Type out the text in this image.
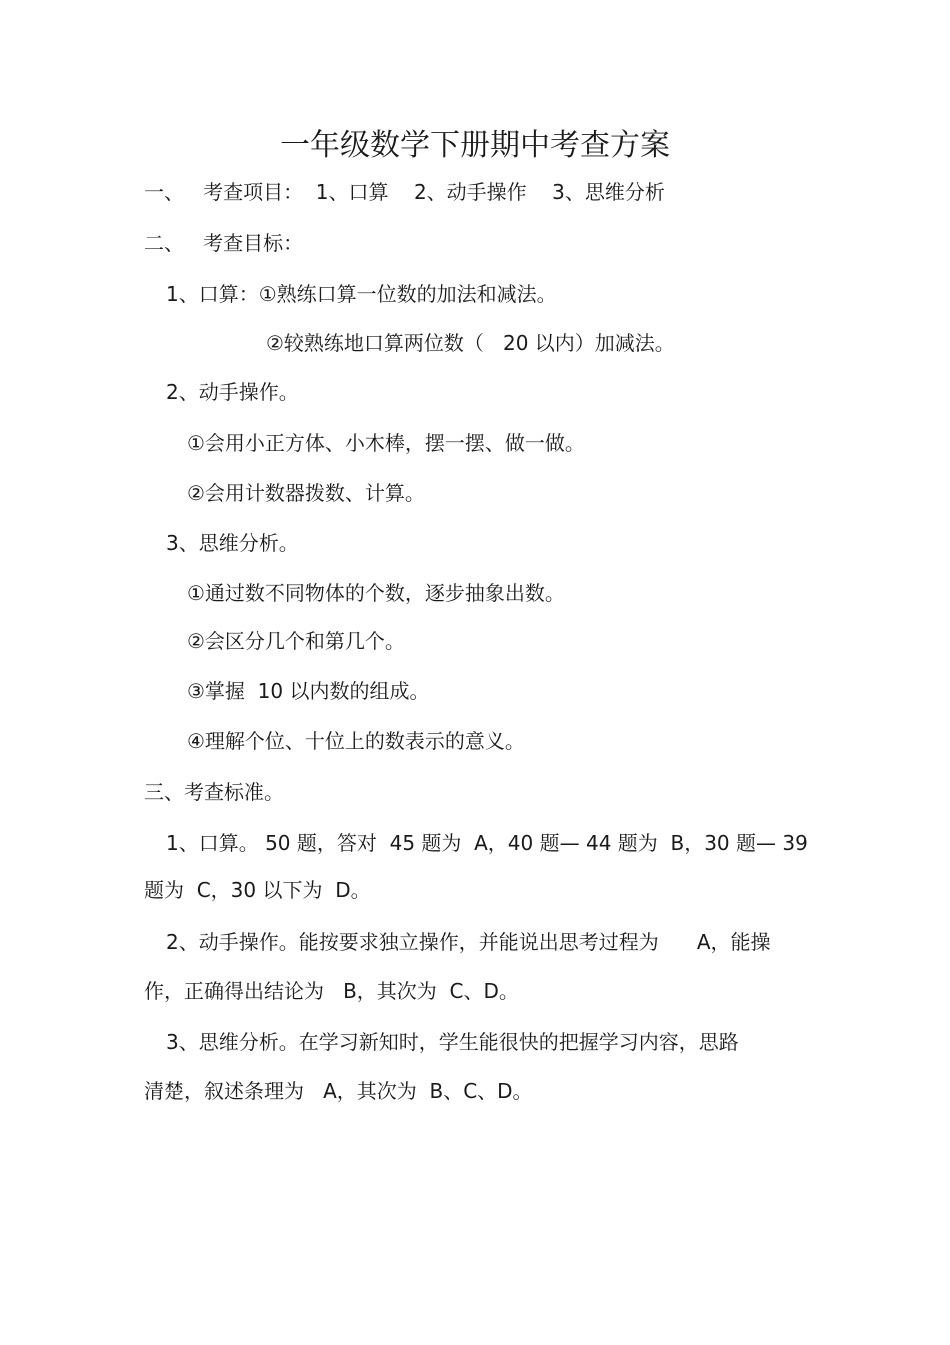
一年级数学下册期中考查方案
一、   考查项目：  1、口算    2、动手操作    3、思维分析
二、   考查目标：
1、口算：①熟练口算一位数的加法和减法。
②较熟练地口算两位数（   20 以内）加减法。
2、动手操作。
①会用小正方体、小木棒，摆一摆、做一做。
②会用计数器拨数、计算。
3、思维分析。
①通过数不同物体的个数，逐步抽象出数。
②会区分几个和第几个。
③掌握  10 以内数的组成。
④理解个位、十位上的数表示的意义。
三、考查标准。
1、口算。 50 题，答对  45 题为  A，40 题— 44 题为  B，30 题— 39
题为  C，30 以下为  D。
2、动手操作。能按要求独立操作，并能说出思考过程为      A，能操
作，正确得出结论为   B，其次为  C、D。
3、思维分析。在学习新知时，学生能很快的把握学习内容，思路
清楚，叙述条理为   A，其次为  B、C、D。
